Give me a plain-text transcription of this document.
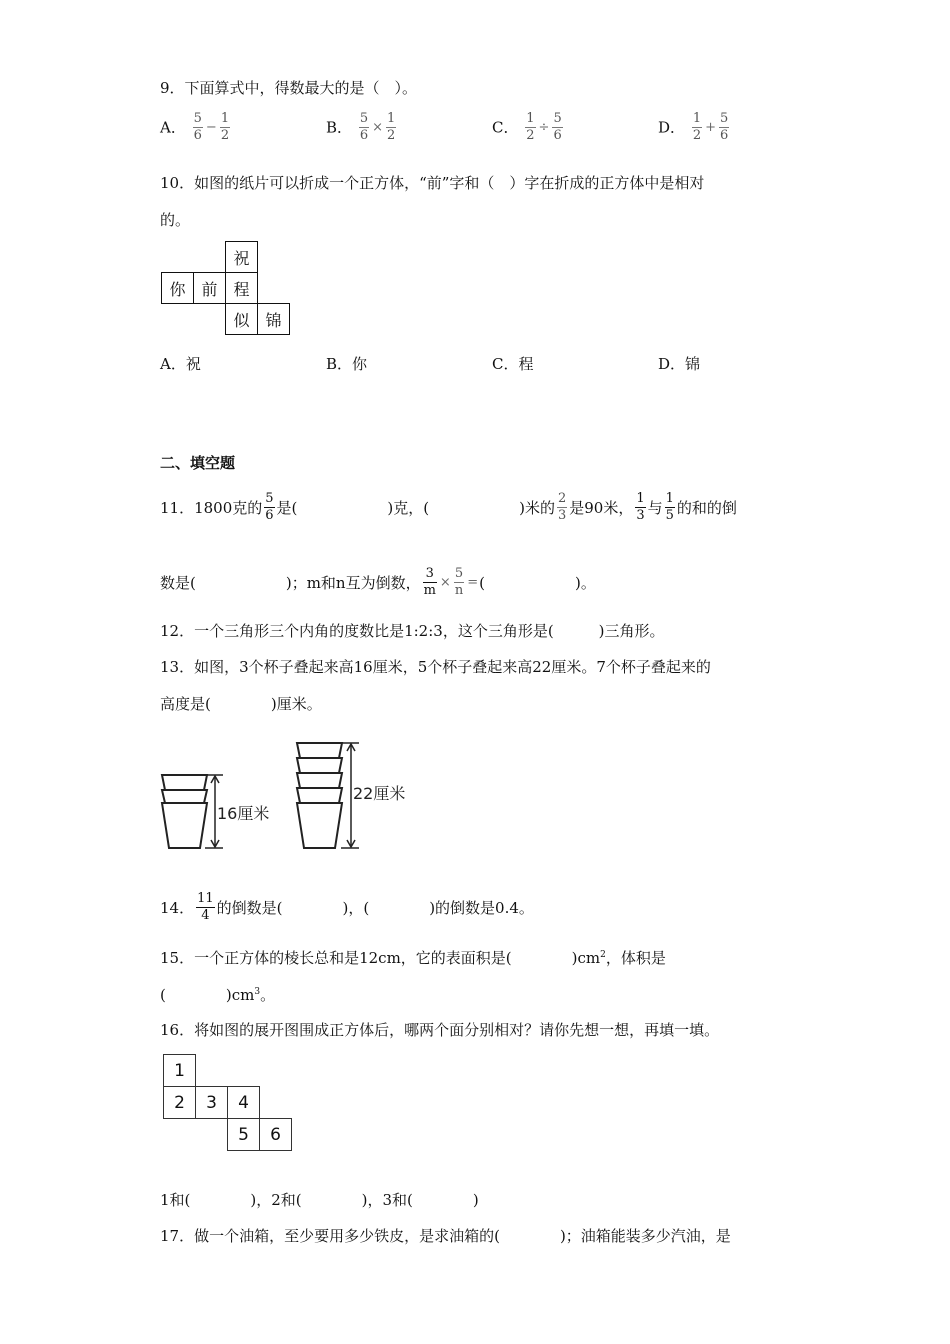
9．下面算式中，得数最大的是（　）。
A． $\frac{5}{6} - \frac{1}{2}$	B． $\frac{5}{6} \times \frac{1}{2}$	C． $\frac{1}{2} \div \frac{5}{6}$	D． $\frac{1}{2} + \frac{5}{6}$
10．如图的纸片可以折成一个正方体，“前”字和（　）字在折成的正方体中是相对
的。
祝
你 前 程
似 锦
A．祝	B．你	C．程	D．锦
二、填空题
11．1800克的 $\frac{5}{6}$ 是(　　　　　　)克，(　　　　　　)米的 $\frac{2}{3}$ 是90米， $\frac{1}{3}$ 与 $\frac{1}{5}$ 的和的倒
数是(　　　　　　)；m和n互为倒数， $\frac{3}{m} \times \frac{5}{n}$ = (　　　　　　)。
12．一个三角形三个内角的度数比是1:2:3，这个三角形是(　　　)三角形。
13．如图，3个杯子叠起来高16厘米，5个杯子叠起来高22厘米。7个杯子叠起来的
高度是(　　　　)厘米。
16厘米
22厘米
14． $\frac{11}{4}$ 的倒数是(　　　　)，(　　　　)的倒数是0.4。
15．一个正方体的棱长总和是12cm，它的表面积是(　　　　)$cm^2$，体积是
(　　　　)$cm^3$。
16．将如图的展开图围成正方体后，哪两个面分别相对？请你先想一想，再填一填。
1
2	3	4
5	6
1和(　　　　)，2和(　　　　)，3和(　　　　)
17．做一个油箱，至少要用多少铁皮，是求油箱的(　　　　)；油箱能装多少汽油，是
